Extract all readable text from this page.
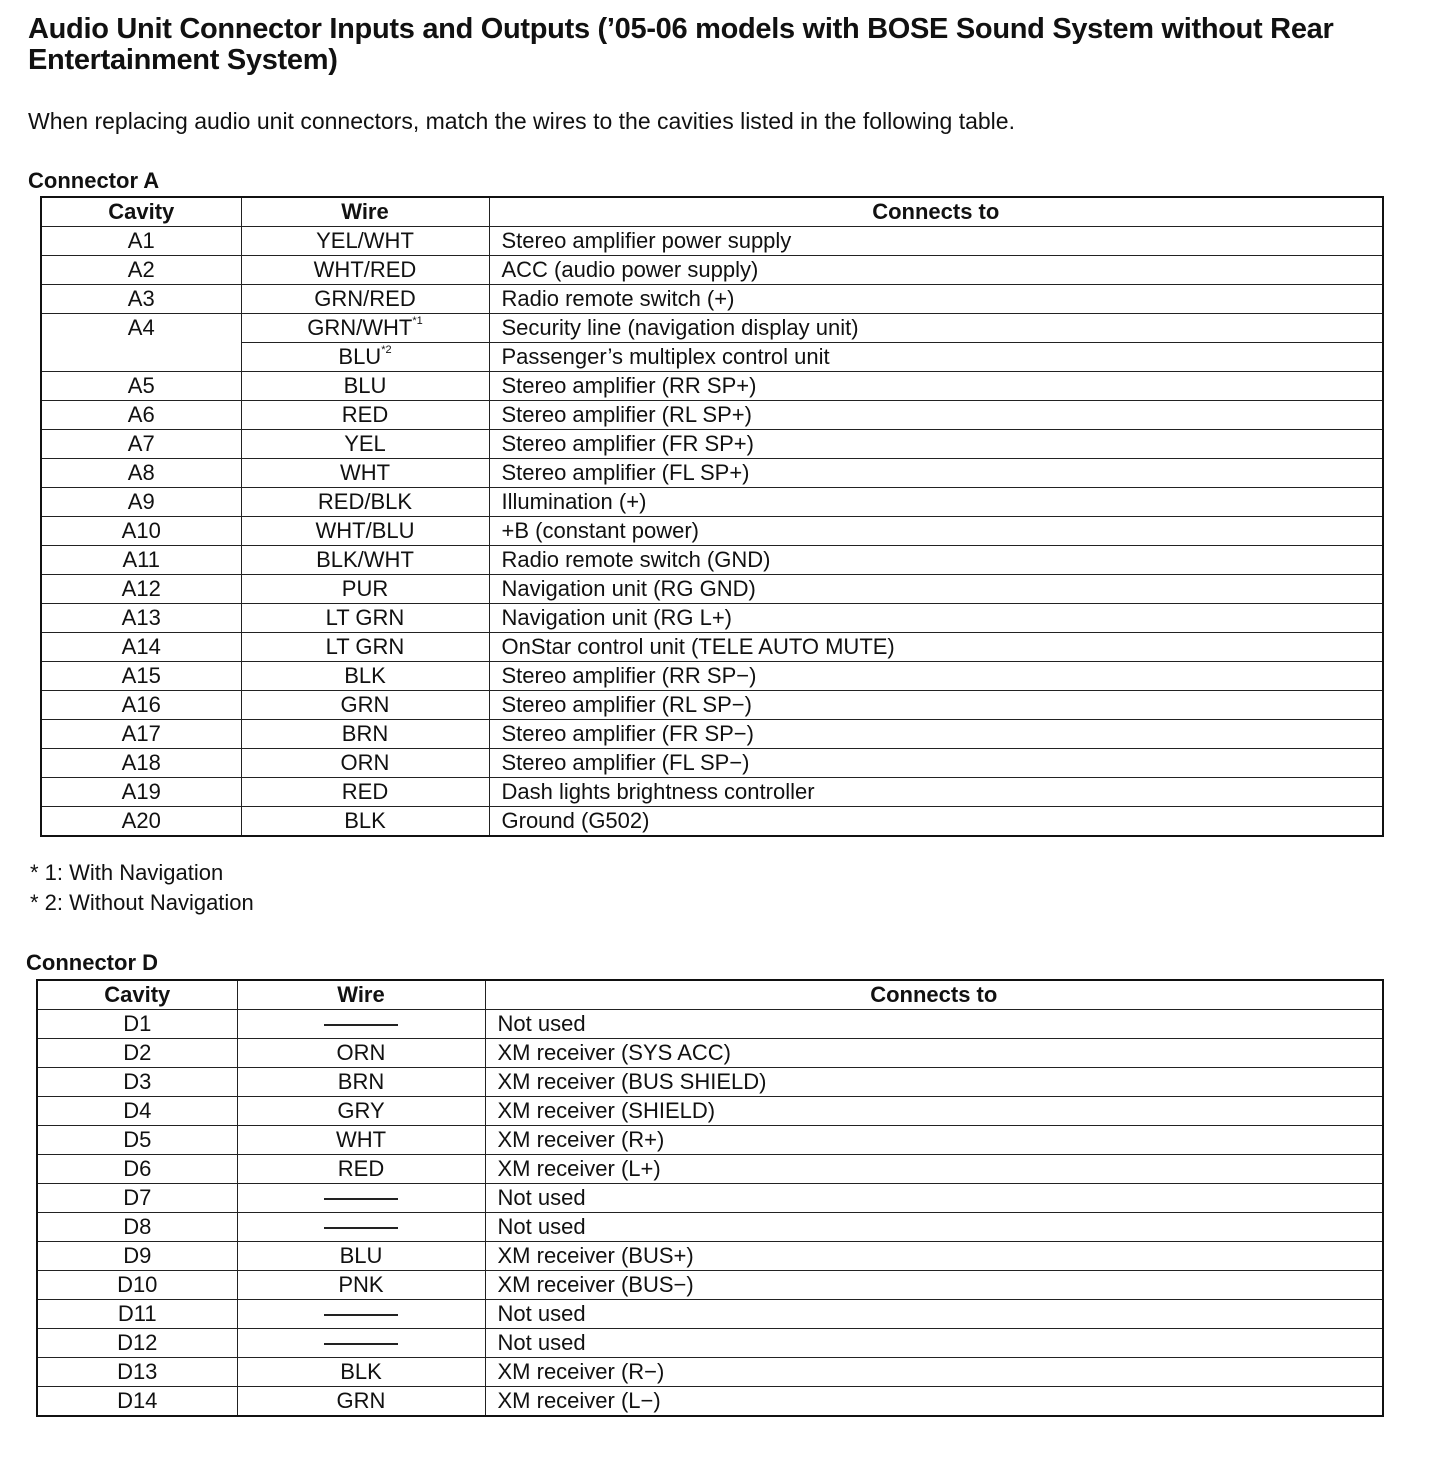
Audio Unit Connector Inputs and Outputs (’05-06 models with BOSE Sound System without Rear Entertainment System)
When replacing audio unit connectors, match the wires to the cavities listed in the following table.
Connector A
Cavity	Wire	Connects to
A1	YEL/WHT	Stereo amplifier power supply
A2	WHT/RED	ACC (audio power supply)
A3	GRN/RED	Radio remote switch (+)
A4	GRN/WHT$^{*1}$	Security line (navigation display unit)
	BLU$^{*2}$	Passenger’s multiplex control unit
A5	BLU	Stereo amplifier (RR SP+)
A6	RED	Stereo amplifier (RL SP+)
A7	YEL	Stereo amplifier (FR SP+)
A8	WHT	Stereo amplifier (FL SP+)
A9	RED/BLK	Illumination (+)
A10	WHT/BLU	+B (constant power)
A11	BLK/WHT	Radio remote switch (GND)
A12	PUR	Navigation unit (RG GND)
A13	LT GRN	Navigation unit (RG L+)
A14	LT GRN	OnStar control unit (TELE AUTO MUTE)
A15	BLK	Stereo amplifier (RR SP−)
A16	GRN	Stereo amplifier (RL SP−)
A17	BRN	Stereo amplifier (FR SP−)
A18	ORN	Stereo amplifier (FL SP−)
A19	RED	Dash lights brightness controller
A20	BLK	Ground (G502)
* 1: With Navigation
* 2: Without Navigation
Connector D
Cavity	Wire	Connects to
D1		Not used
D2	ORN	XM receiver (SYS ACC)
D3	BRN	XM receiver (BUS SHIELD)
D4	GRY	XM receiver (SHIELD)
D5	WHT	XM receiver (R+)
D6	RED	XM receiver (L+)
D7		Not used
D8		Not used
D9	BLU	XM receiver (BUS+)
D10	PNK	XM receiver (BUS−)
D11		Not used
D12		Not used
D13	BLK	XM receiver (R−)
D14	GRN	XM receiver (L−)
